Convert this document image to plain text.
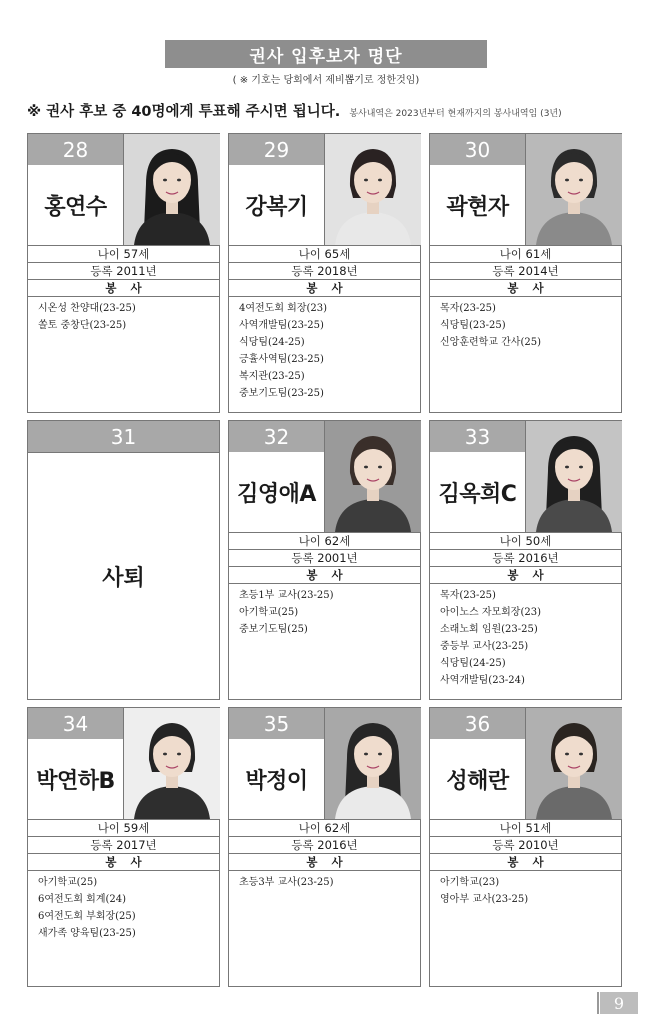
권사 입후보자 명단
( ※ 기호는 당회에서 제비뽑기로 정한것임)
※ 권사 후보 중 40명에게 투표해 주시면 됩니다. 봉사내역은 2023년부터 현재까지의 봉사내역임 (3년)
28
홍연수
나이 57세
등록 2011년
봉사
시온성 찬양대(23-25)
쏠토 중창단(23-25)
29
강복기
나이 65세
등록 2018년
봉사
4여전도회 회장(23)
사역개발팀(23-25)
식당팀(24-25)
긍휼사역팀(23-25)
복지관(23-25)
중보기도팀(23-25)
30
곽현자
나이 61세
등록 2014년
봉사
목자(23-25)
식당팀(23-25)
신앙훈련학교 간사(25)
31
사퇴
32
김영애A
나이 62세
등록 2001년
봉사
초등1부 교사(23-25)
아기학교(25)
중보기도팀(25)
33
김옥희C
나이 50세
등록 2016년
봉사
목자(23-25)
아이노스 자모회장(23)
소래노회 임원(23-25)
중등부 교사(23-25)
식당팀(24-25)
사역개발팀(23-24)
34
박연하B
나이 59세
등록 2017년
봉사
아기학교(25)
6여전도회 회계(24)
6여전도회 부회장(25)
새가족 양육팀(23-25)
35
박정이
나이 62세
등록 2016년
봉사
초등3부 교사(23-25)
36
성해란
나이 51세
등록 2010년
봉사
아기학교(23)
영아부 교사(23-25)
9
